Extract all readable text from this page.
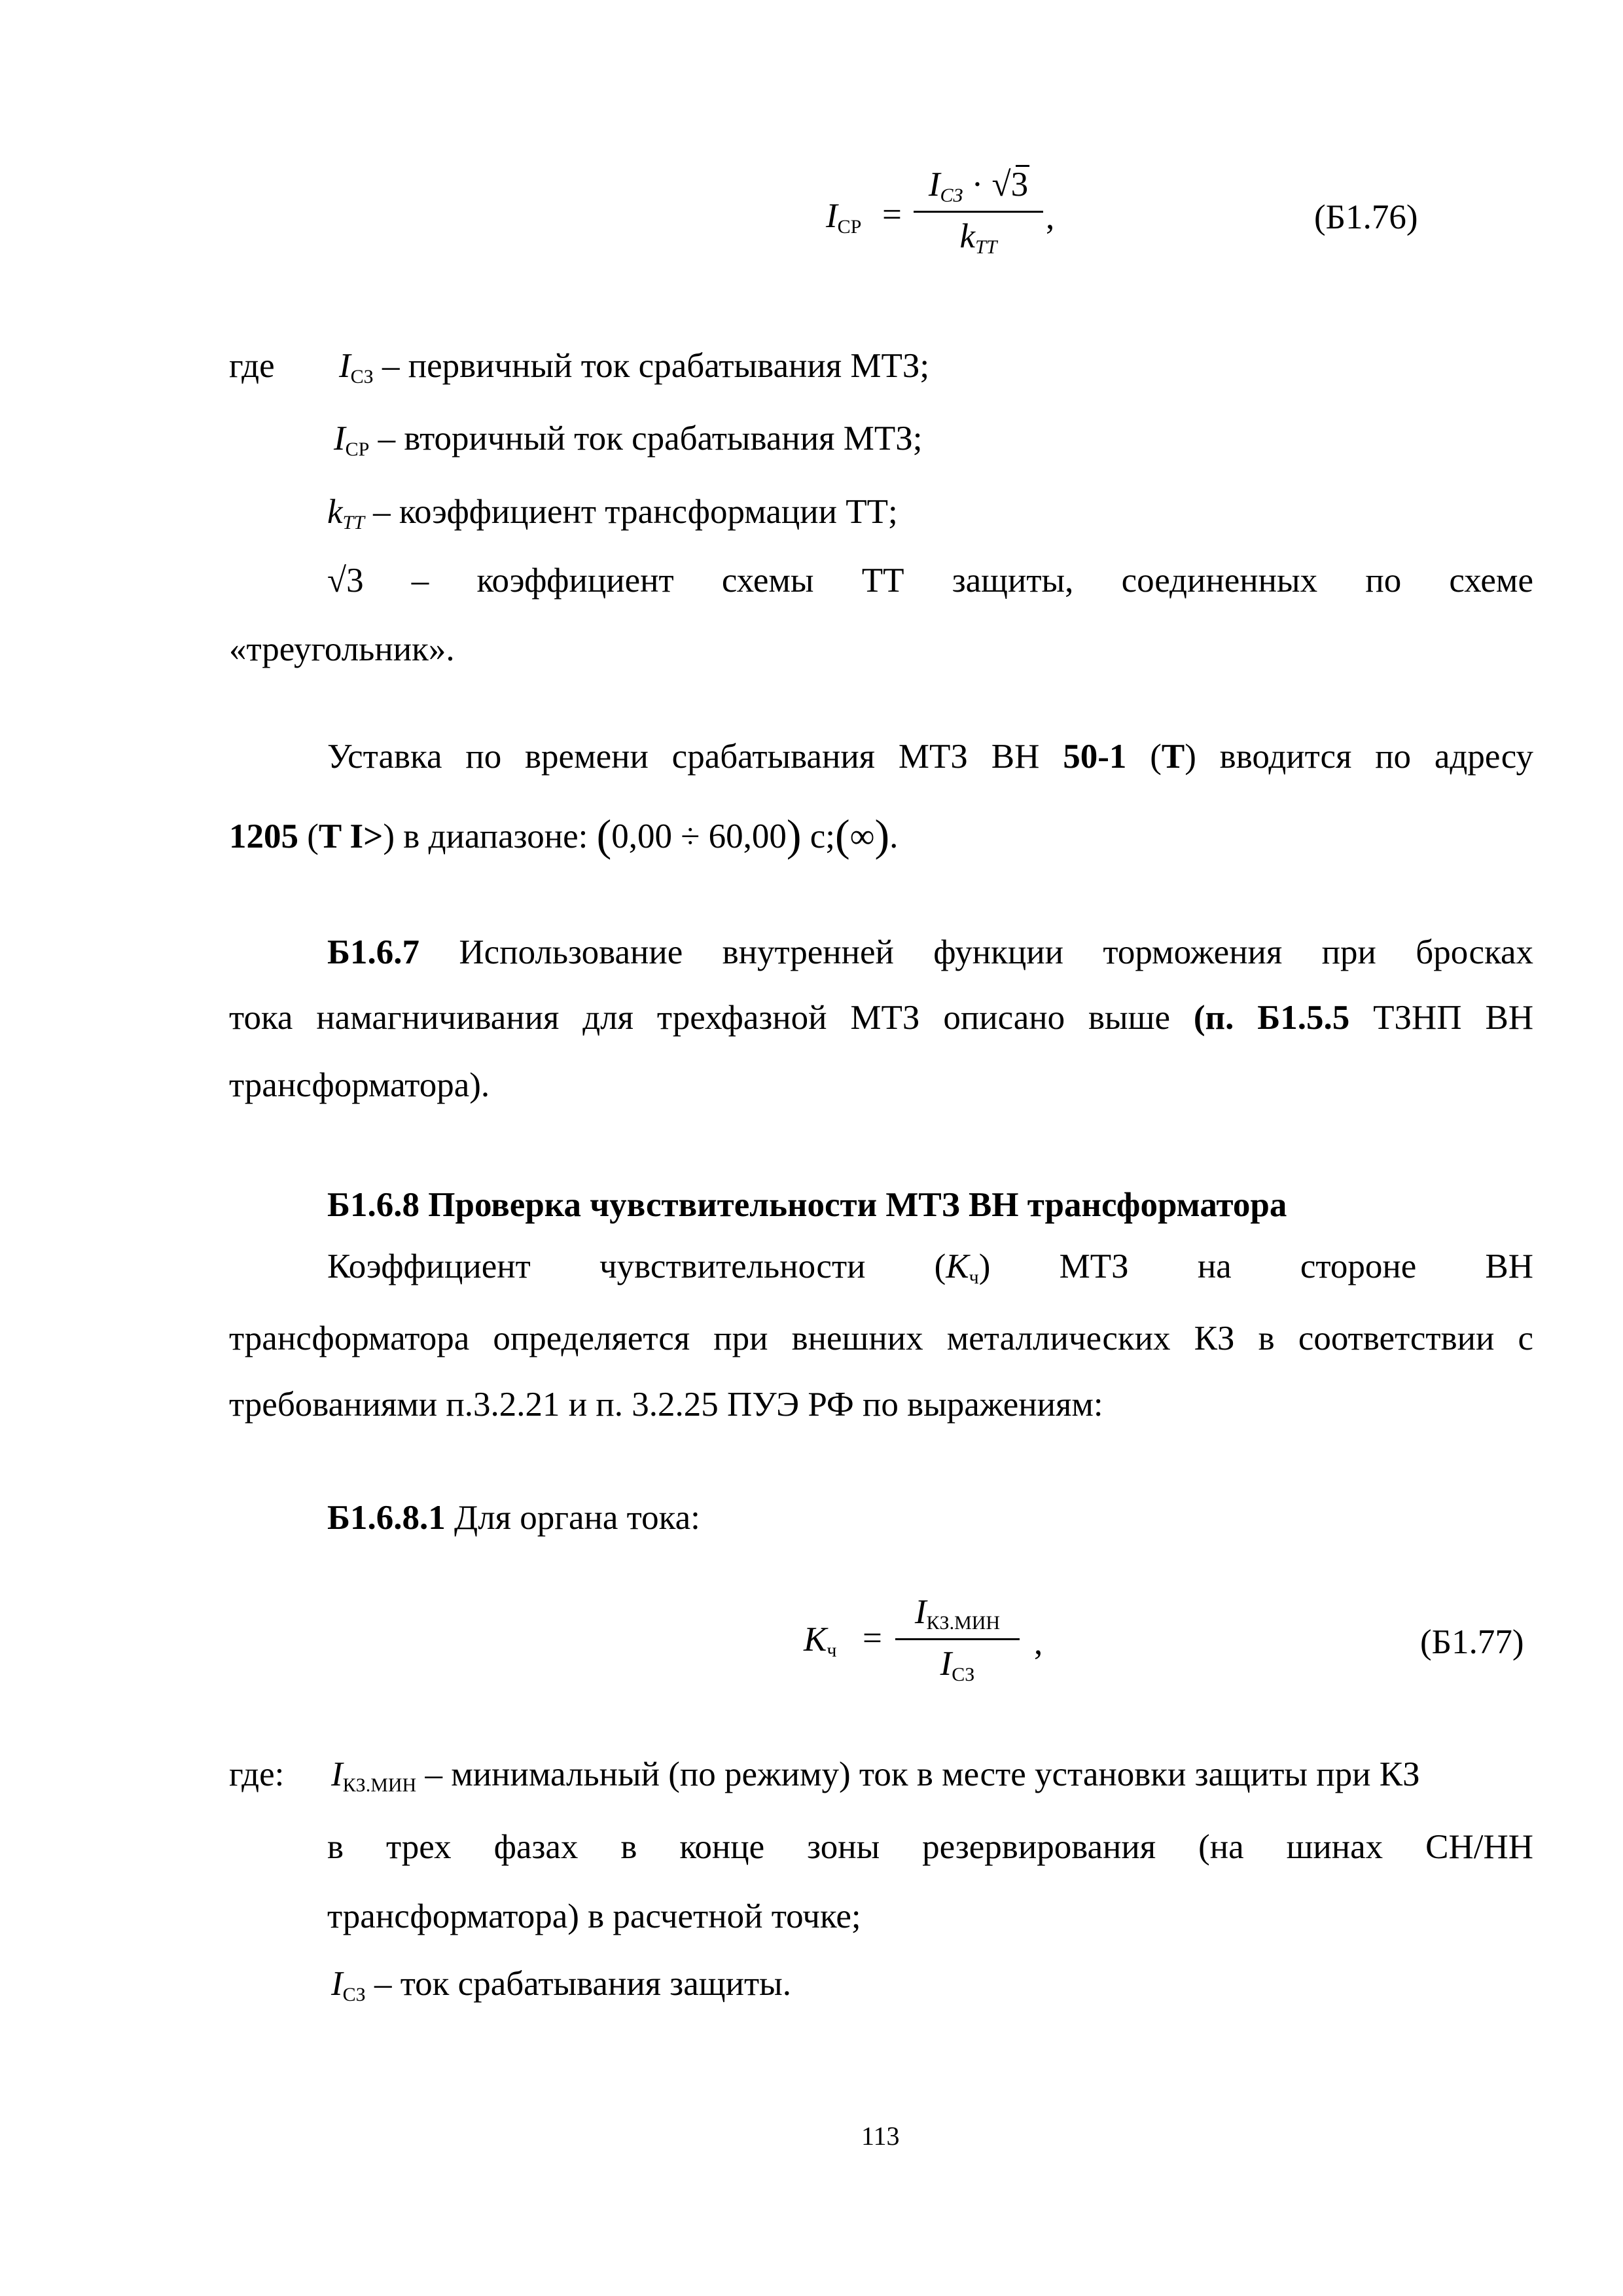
$I_{СР}$ =
IСЗ · √3
kТТ
,	(Б1.76)
где $I_{СЗ}$ – первичный ток срабатывания МТЗ;
$I_{СР}$ – вторичный ток срабатывания МТЗ;
kТТ – коэффициент трансформации ТТ;
√3 – коэффициент схемы ТТ защиты, соединенных по схеме
«треугольник».
Уставка по времени срабатывания МТЗ ВН 50-1 (T) вводится по адресу
1205 (T I>) в диапазоне: (0,00 ÷ 60,00) с;(∞).
Б1.6.7 Использование внутренней функции торможения при бросках
тока намагничивания для трехфазной МТЗ описано выше (п. Б1.5.5 ТЗНП ВН
трансформатора).
Б1.6.8 Проверка чувствительности МТЗ ВН трансформатора
Коэффициент чувствительности $(K_ч)$ МТЗ на стороне ВН
трансформатора определяется при внешних металлических КЗ в соответствии с
требованиями п.3.2.21 и п. 3.2.25 ПУЭ РФ по выражениям:
Б1.6.8.1 Для органа тока:
$K_ч$ =
$I_{КЗ.МИН}$
$I_{СЗ}$
,	(Б1.77)
где: $I_{КЗ.МИН}$ – минимальный (по режиму) ток в месте установки защиты при КЗ
в трех фазах в конце зоны резервирования (на шинах СН/НН
трансформатора) в расчетной точке;
$I_{СЗ}$ – ток срабатывания защиты.
113
